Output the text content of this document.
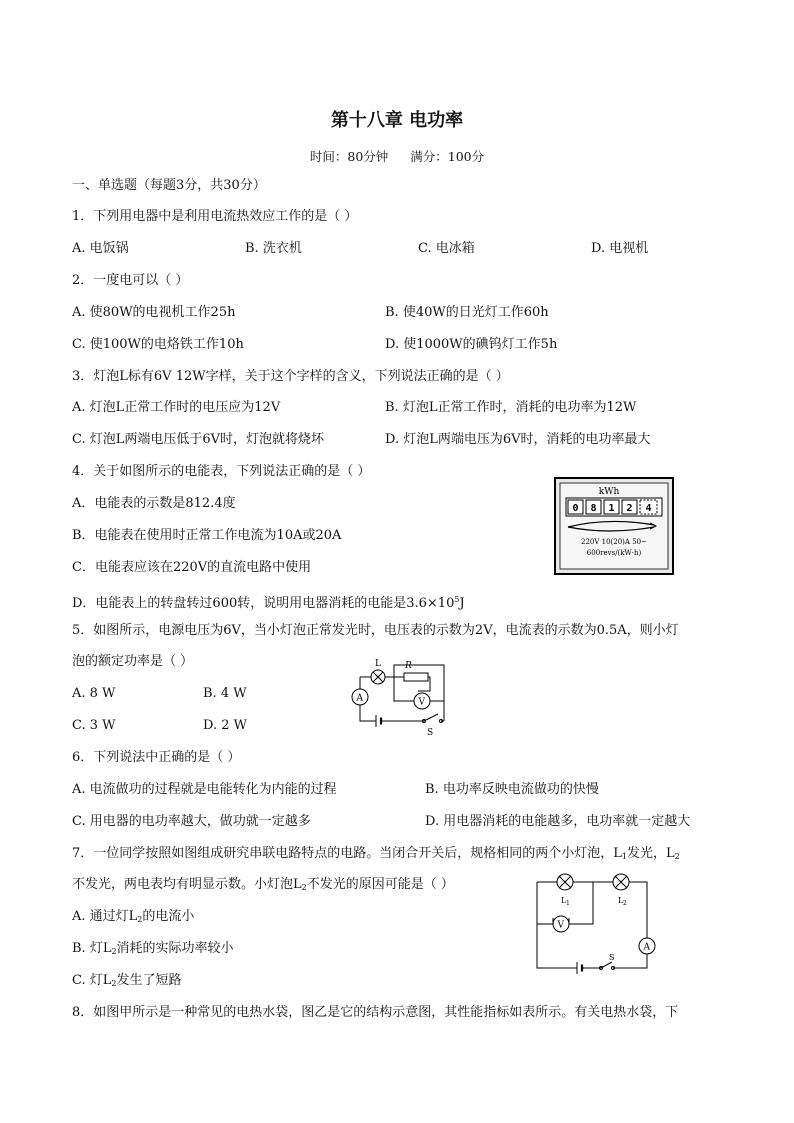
第十八章 电功率
时间：80分钟 满分：100分
一、单选题（每题3分，共30分）
1．下列用电器中是利用电流热效应工作的是（ ）
A. 电饭锅	B. 洗衣机	C. 电冰箱	D. 电视机
2．一度电可以（ ）
A. 使80W的电视机工作25h	B. 使40W的日光灯工作60h
C. 使100W的电烙铁工作10h	D. 使1000W的碘钨灯工作5h
3．灯泡L标有6V 12W字样，关于这个字样的含义，下列说法正确的是（ ）
A. 灯泡L正常工作时的电压应为12V	B. 灯泡L正常工作时，消耗的电功率为12W
C. 灯泡L两端电压低于6V时，灯泡就将烧坏	D. 灯泡L两端电压为6V时，消耗的电功率最大
4．关于如图所示的电能表，下列说法正确的是（ ）
A．电能表的示数是812.4度
B．电能表在使用时正常工作电流为10A或20A
C．电能表应该在220V的直流电路中使用
D．电能表上的转盘转过600转，说明用电器消耗的电能是$3.6\times 10^5J$
kWh
0 8 1 2 4
220V 10(20)A 50~
600revs/(kW·h)
5．如图所示，电源电压为6V，当小灯泡正常发光时，电压表的示数为2V，电流表的示数为0.5A，则小灯
泡的额定功率是（ ）
A. 8 W	B. 4 W
C. 3 W	D. 2 W
L	R
A	V
S
6．下列说法中正确的是（ ）
A. 电流做功的过程就是电能转化为内能的过程	B. 电功率反映电流做功的快慢
C. 用电器的电功率越大，做功就一定越多	D. 用电器消耗的电能越多，电功率就一定越大
7．一位同学按照如图组成研究串联电路特点的电路。当闭合开关后，规格相同的两个小灯泡，$L_1$发光，$L_2$
不发光，两电表均有明显示数。小灯泡$L_2$不发光的原因可能是（ ）
A. 通过灯$L_2$的电流小
B. 灯$L_2$消耗的实际功率较小
C. 灯$L_2$发生了短路
L 1	L 2
V
A
S
8．如图甲所示是一种常见的电热水袋，图乙是它的结构示意图，其性能指标如表所示。有关电热水袋，下
